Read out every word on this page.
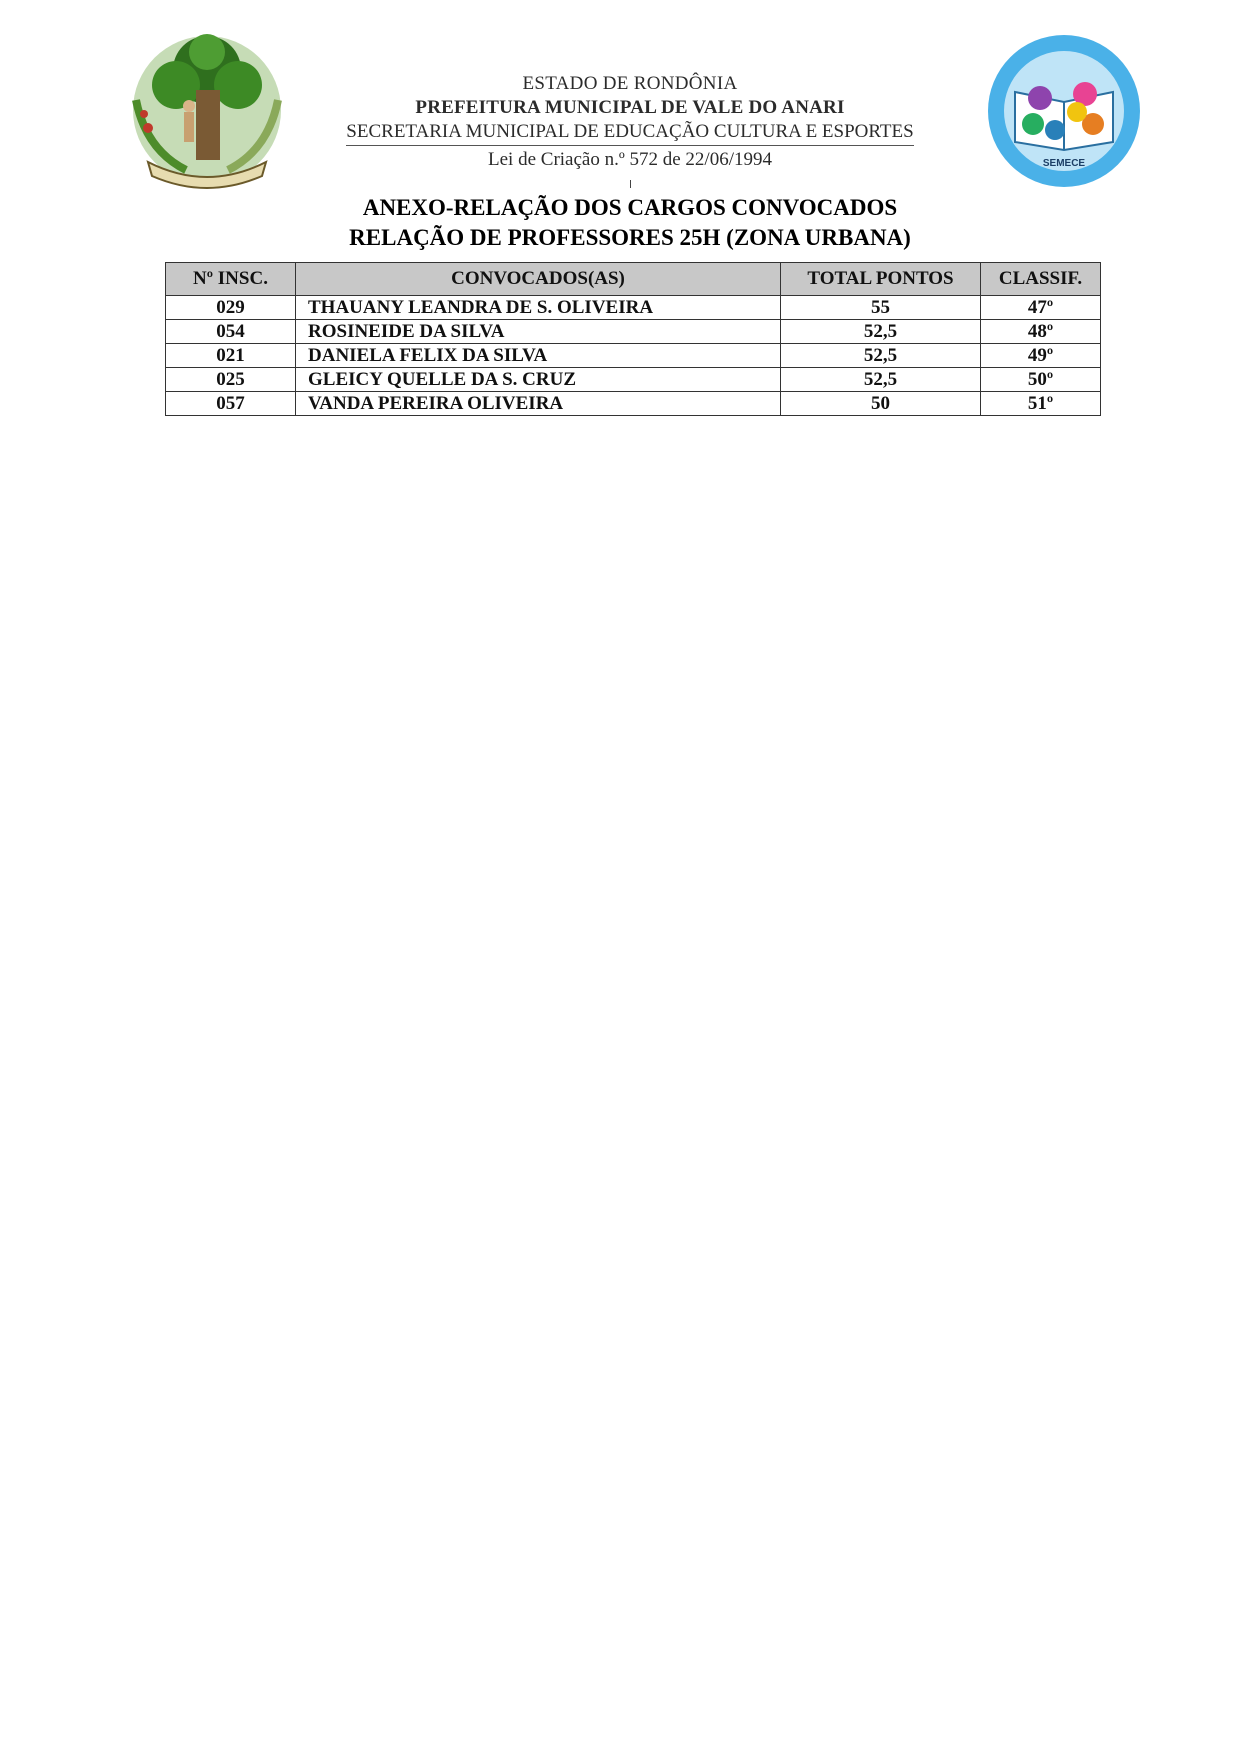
SEMECE
ESTADO DE RONDÔNIA
PREFEITURA MUNICIPAL DE VALE DO ANARI
SECRETARIA MUNICIPAL DE EDUCAÇÃO CULTURA E ESPORTES
Lei de Criação n.º 572 de 22/06/1994
ANEXO-RELAÇÃO DOS CARGOS CONVOCADOS
RELAÇÃO DE PROFESSORES 25H (ZONA URBANA)
Nº INSC.	CONVOCADOS(AS)	TOTAL PONTOS	CLASSIF.
029	THAUANY LEANDRA DE S. OLIVEIRA	55	47º
054	ROSINEIDE DA SILVA	52,5	48º
021	DANIELA FELIX DA SILVA	52,5	49º
025	GLEICY QUELLE DA S. CRUZ	52,5	50º
057	VANDA PEREIRA OLIVEIRA	50	51º
